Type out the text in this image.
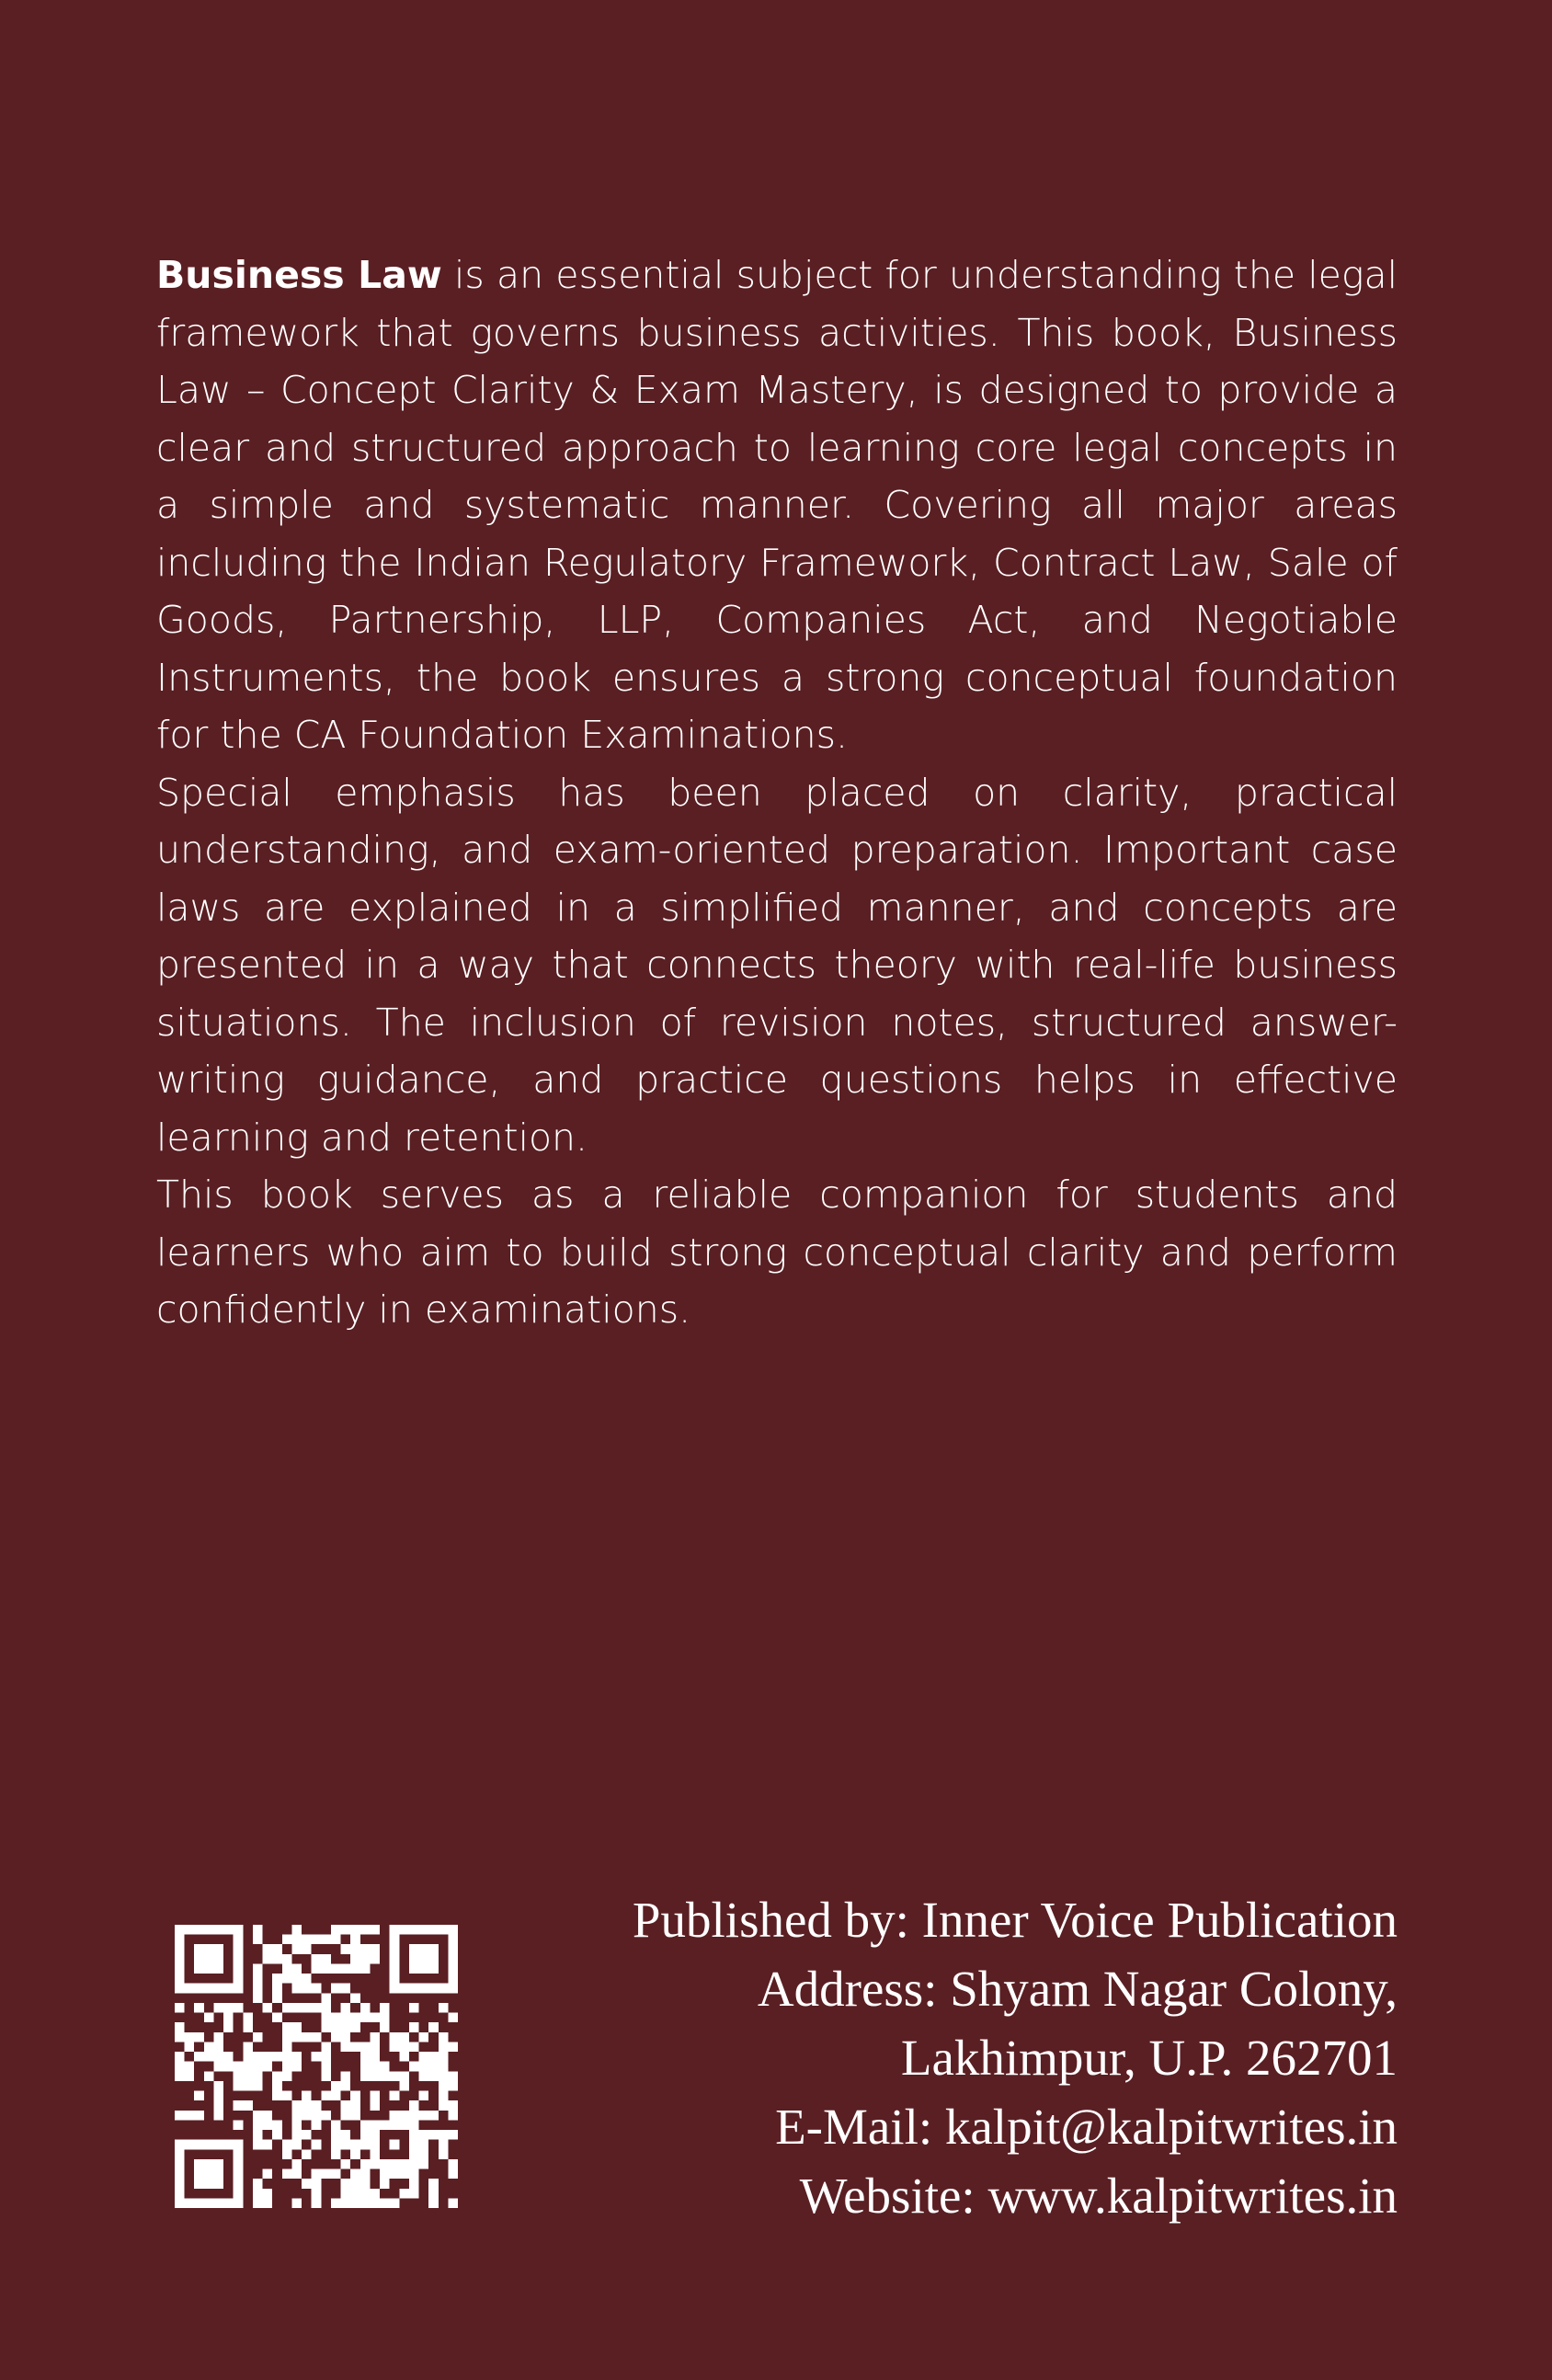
Business Law is an essential subject for understanding the legal framework that governs business activities. This book, Business Law – Concept Clarity & Exam Mastery, is designed to provide a clear and structured approach to learning core legal concepts in a simple and systematic manner. Covering all major areas including the Indian Regulatory Framework, Contract Law, Sale of Goods, Partnership, LLP, Companies Act, and Negotiable Instruments, the book ensures a strong conceptual foundation for the CA Foundation Examinations.

Special emphasis has been placed on clarity, practical understanding, and exam-oriented preparation. Important case laws are explained in a simplified manner, and concepts are presented in a way that connects theory with real-life business situations. The inclusion of revision notes, structured answer-writing guidance, and practice questions helps in effective learning and retention.

This book serves as a reliable companion for students and learners who aim to build strong conceptual clarity and perform confidently in examinations.

Published by: Inner Voice Publication
Address: Shyam Nagar Colony,
Lakhimpur, U.P. 262701
E-Mail: kalpit@kalpitwrites.in
Website: www.kalpitwrites.in
